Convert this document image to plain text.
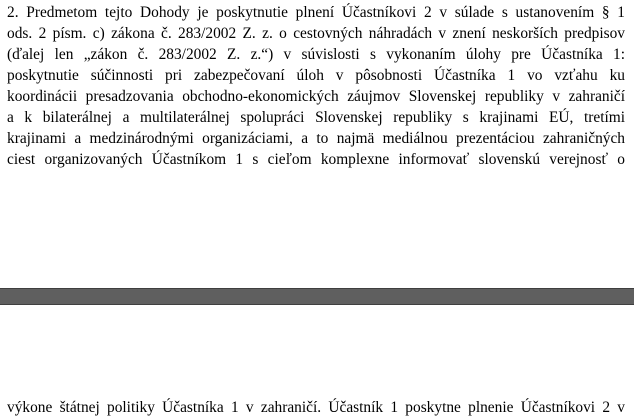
2. Predmetom tejto Dohody je poskytnutie plnení Účastníkovi 2 v súlade s ustanovením § 1
ods. 2 písm. c) zákona č. 283/2002 Z. z. o cestovných náhradách v znení neskorších predpisov
(ďalej len „zákon č. 283/2002 Z. z.“) v súvislosti s vykonaním úlohy pre Účastníka 1:
poskytnutie súčinnosti pri zabezpečovaní úloh v pôsobnosti Účastníka 1 vo vzťahu ku
koordinácii presadzovania obchodno-ekonomických záujmov Slovenskej republiky v zahraničí
a k bilaterálnej a multilaterálnej spolupráci Slovenskej republiky s krajinami EÚ, tretími
krajinami a medzinárodnými organizáciami, a to najmä mediálnou prezentáciou zahraničných
ciest organizovaných Účastníkom 1 s cieľom komplexne informovať slovenskú verejnosť o
výkone štátnej politiky Účastníka 1 v zahraničí. Účastník 1 poskytne plnenie Účastníkovi 2 v
